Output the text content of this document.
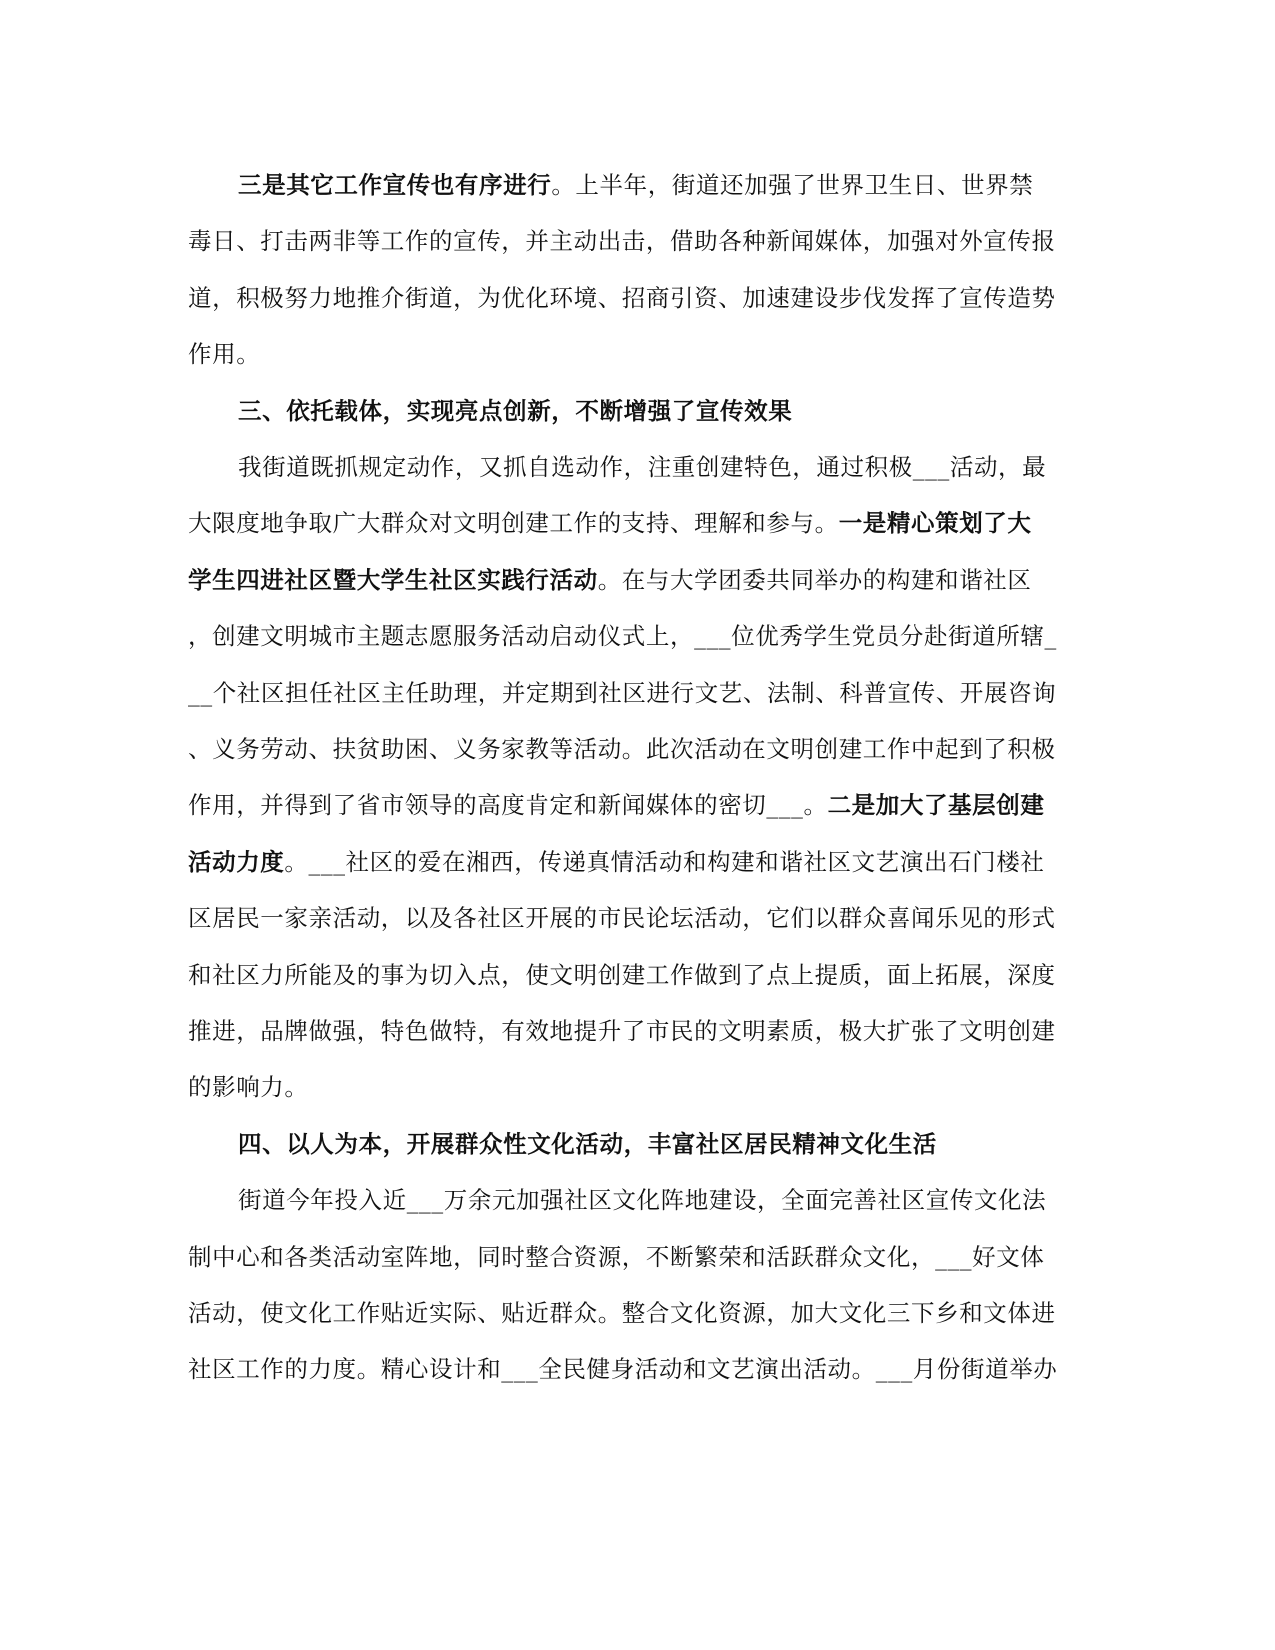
三是其它工作宣传也有序进行。上半年，街道还加强了世界卫生日、世界禁
毒日、打击两非等工作的宣传，并主动出击，借助各种新闻媒体，加强对外宣传报
道，积极努力地推介街道，为优化环境、招商引资、加速建设步伐发挥了宣传造势
作用。
三、依托载体，实现亮点创新，不断增强了宣传效果
我街道既抓规定动作，又抓自选动作，注重创建特色，通过积极___活动，最
大限度地争取广大群众对文明创建工作的支持、理解和参与。一是精心策划了大
学生四进社区暨大学生社区实践行活动。在与大学团委共同举办的构建和谐社区
，创建文明城市主题志愿服务活动启动仪式上，___位优秀学生党员分赴街道所辖_
__个社区担任社区主任助理，并定期到社区进行文艺、法制、科普宣传、开展咨询
、义务劳动、扶贫助困、义务家教等活动。此次活动在文明创建工作中起到了积极
作用，并得到了省市领导的高度肯定和新闻媒体的密切___。二是加大了基层创建
活动力度。___社区的爱在湘西，传递真情活动和构建和谐社区文艺演出石门楼社
区居民一家亲活动，以及各社区开展的市民论坛活动，它们以群众喜闻乐见的形式
和社区力所能及的事为切入点，使文明创建工作做到了点上提质，面上拓展，深度
推进，品牌做强，特色做特，有效地提升了市民的文明素质，极大扩张了文明创建
的影响力。
四、以人为本，开展群众性文化活动，丰富社区居民精神文化生活
街道今年投入近___万余元加强社区文化阵地建设，全面完善社区宣传文化法
制中心和各类活动室阵地，同时整合资源，不断繁荣和活跃群众文化，___好文体
活动，使文化工作贴近实际、贴近群众。整合文化资源，加大文化三下乡和文体进
社区工作的力度。精心设计和___全民健身活动和文艺演出活动。___月份街道举办
